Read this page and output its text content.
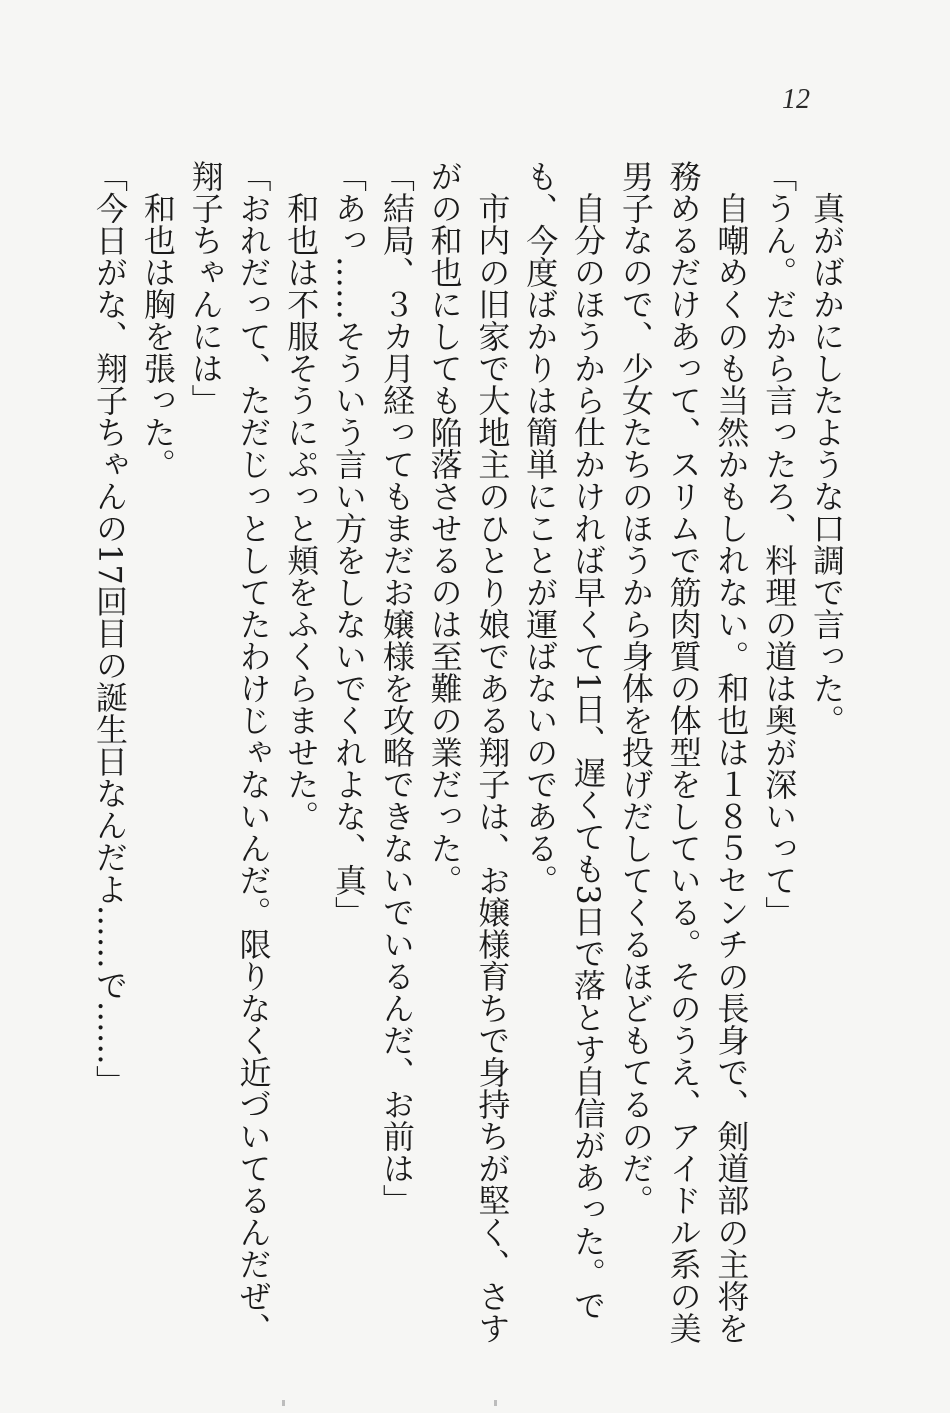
12

真がばかにしたような口調で言った。

「うん。だから言ったろ、料理の道は奥が深いって」

自嘲めくのも当然かもしれない。和也は１８５センチの長身で、剣道部の主将を務めるだけあって、スリムで筋肉質の体型をしている。そのうえ、アイドル系の美男子なので、少女たちのほうから身体を投げだしてくるほどもてるのだ。

自分のほうから仕かければ早くて1日、遅くても3日で落とす自信があった。でも、今度ばかりは簡単にことが運ばないのである。

市内の旧家で大地主のひとり娘である翔子は、お嬢様育ちで身持ちが堅く、さすがの和也にしても陥落させるのは至難の業だった。

「結局、３カ月経ってもまだお嬢様を攻略できないでいるんだ、お前は」

「あっ……そういう言い方をしないでくれよな、真」

和也は不服そうにぷっと頬をふくらませた。

「おれだって、ただじっとしてたわけじゃないんだ。限りなく近づいてるんだぜ、翔子ちゃんには」

和也は胸を張った。

「今日がな、翔子ちゃんの17回目の誕生日なんだよ……で……」
